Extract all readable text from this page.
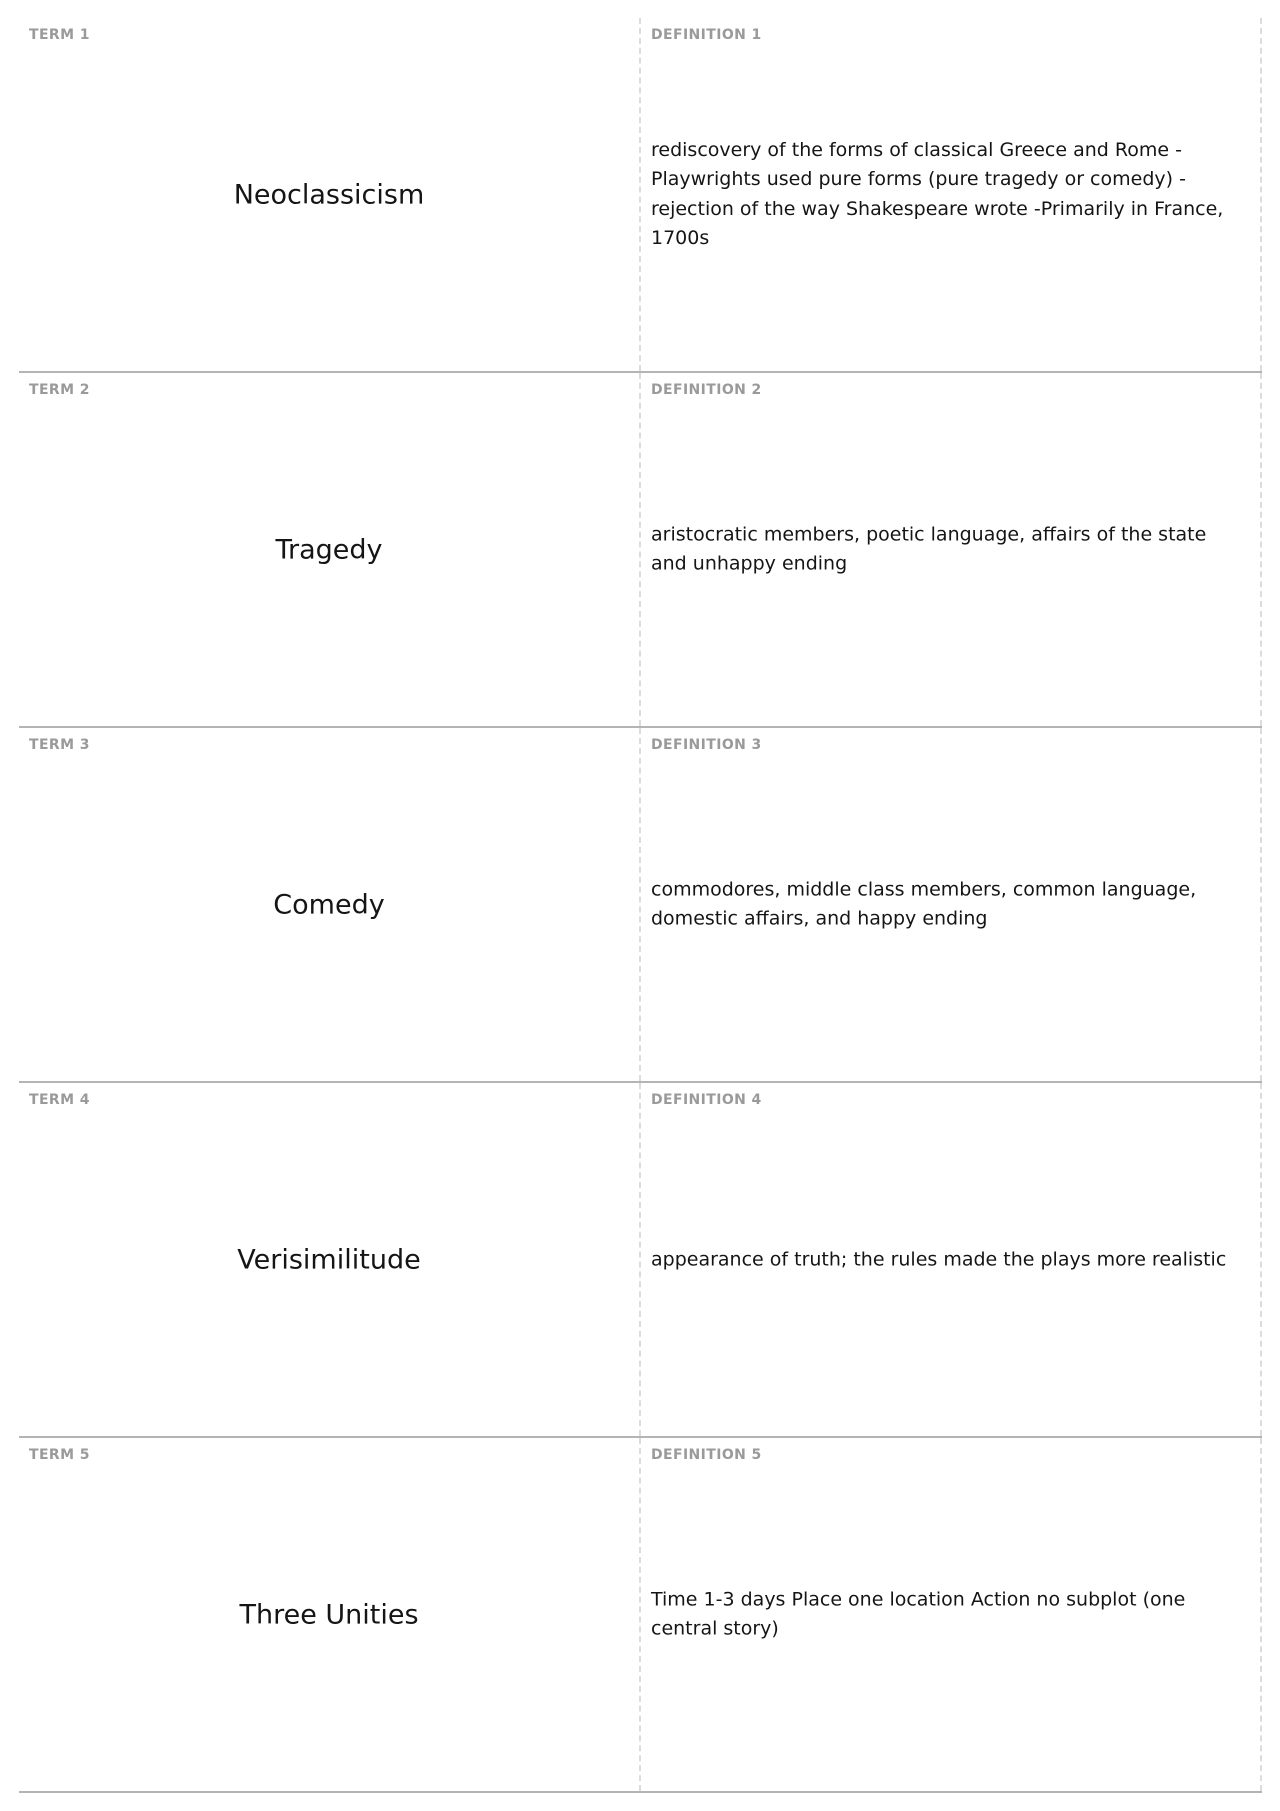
TERM 1
Neoclassicism
DEFINITION 1
rediscovery of the forms of classical Greece and Rome -Playwrights used pure forms (pure tragedy or comedy) -rejection of the way Shakespeare wrote -Primarily in France, 1700s
TERM 2
Tragedy
DEFINITION 2
aristocratic members, poetic language, affairs of the state and unhappy ending
TERM 3
Comedy
DEFINITION 3
commodores, middle class members, common language, domestic affairs, and happy ending
TERM 4
Verisimilitude
DEFINITION 4
appearance of truth; the rules made the plays more realistic
TERM 5
Three Unities
DEFINITION 5
Time 1-3 days Place one location Action no subplot (one central story)
